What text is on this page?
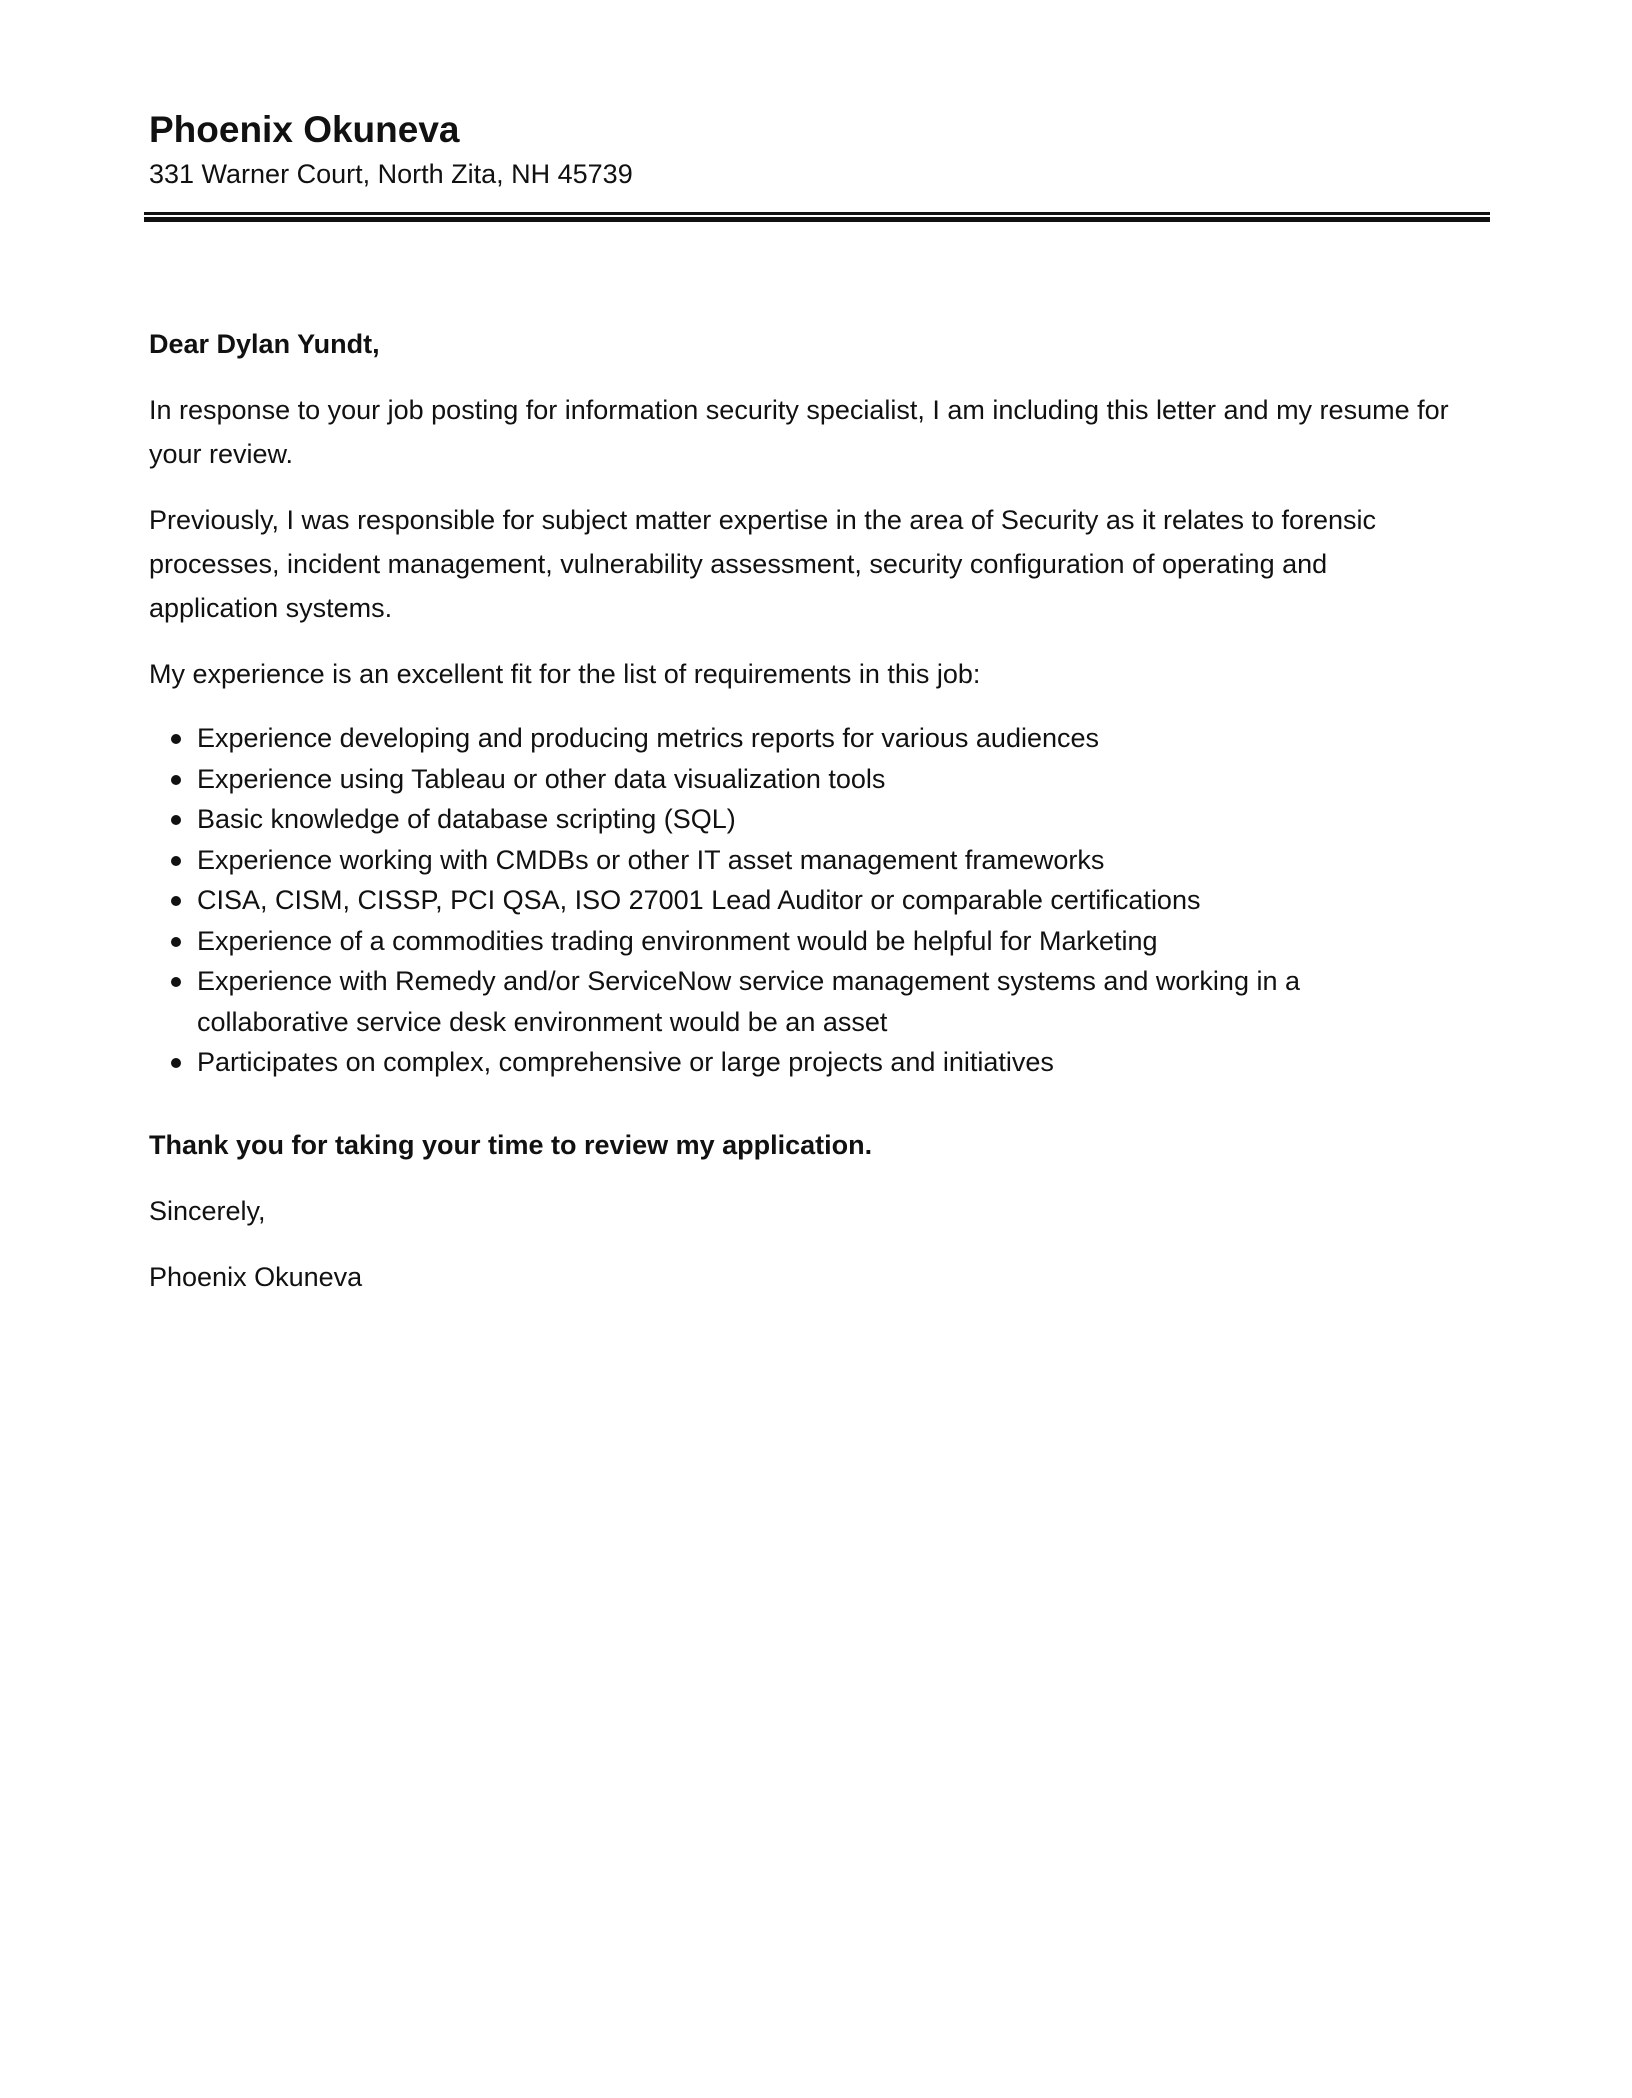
Phoenix Okuneva
331 Warner Court, North Zita, NH 45739

Dear Dylan Yundt,

In response to your job posting for information security specialist, I am including this letter and my resume for your review.

Previously, I was responsible for subject matter expertise in the area of Security as it relates to forensic processes, incident management, vulnerability assessment, security configuration of operating and application systems.

My experience is an excellent fit for the list of requirements in this job:

Experience developing and producing metrics reports for various audiences
Experience using Tableau or other data visualization tools
Basic knowledge of database scripting (SQL)
Experience working with CMDBs or other IT asset management frameworks
CISA, CISM, CISSP, PCI QSA, ISO 27001 Lead Auditor or comparable certifications
Experience of a commodities trading environment would be helpful for Marketing
Experience with Remedy and/or ServiceNow service management systems and working in a collaborative service desk environment would be an asset
Participates on complex, comprehensive or large projects and initiatives

Thank you for taking your time to review my application.

Sincerely,

Phoenix Okuneva
